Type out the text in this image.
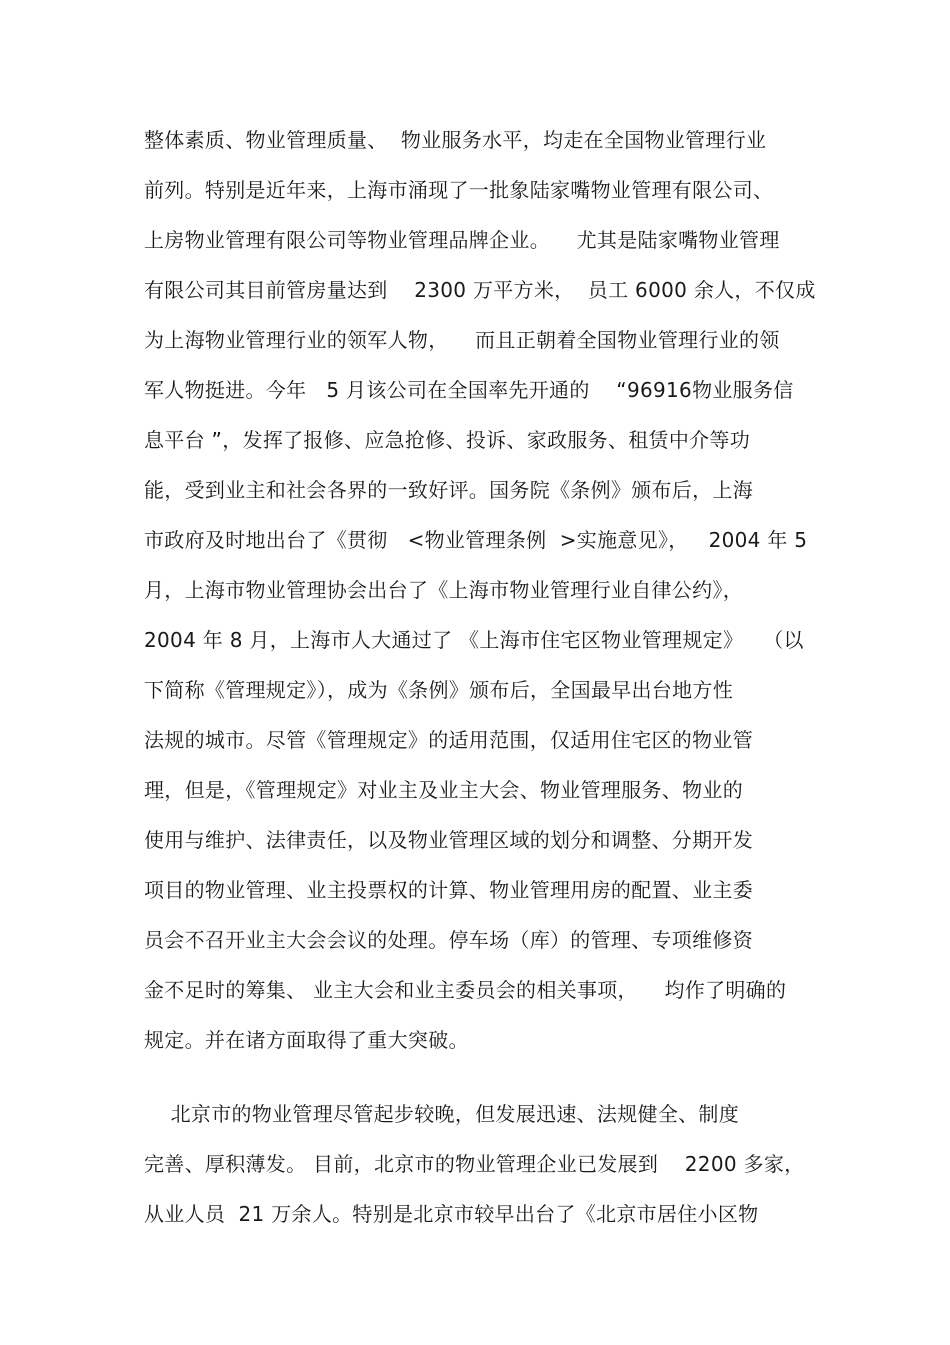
整体素质、物业管理质量、  物业服务水平，均走在全国物业管理行业
前列。特别是近年来，上海市涌现了一批象陆家嘴物业管理有限公司、
上房物业管理有限公司等物业管理品牌企业。    尤其是陆家嘴物业管理
有限公司其目前管房量达到    2300 万平方米，  员工 6000 余人，不仅成
为上海物业管理行业的领军人物，    而且正朝着全国物业管理行业的领
军人物挺进。今年   5 月该公司在全国率先开通的    “96916物业服务信
息平台 ”，发挥了报修、应急抢修、投诉、家政服务、租赁中介等功
能，受到业主和社会各界的一致好评。国务院《条例》颁布后，上海
市政府及时地出台了《贯彻   <物业管理条例  >实施意见》，   2004 年 5
月，上海市物业管理协会出台了《上海市物业管理行业自律公约》，
2004 年 8 月，上海市人大通过了 《上海市住宅区物业管理规定》   （以
下简称《管理规定》），成为《条例》颁布后，全国最早出台地方性
法规的城市。尽管《管理规定》的适用范围，仅适用住宅区的物业管
理，但是，《管理规定》对业主及业主大会、物业管理服务、物业的
使用与维护、法律责任，以及物业管理区域的划分和调整、分期开发
项目的物业管理、业主投票权的计算、物业管理用房的配置、业主委
员会不召开业主大会会议的处理。停车场（库）的管理、专项维修资
金不足时的筹集、 业主大会和业主委员会的相关事项，    均作了明确的
规定。并在诸方面取得了重大突破。
北京市的物业管理尽管起步较晚，但发展迅速、法规健全、制度
完善、厚积薄发。 目前，北京市的物业管理企业已发展到    2200 多家，
从业人员  21 万余人。特别是北京市较早出台了《北京市居住小区物
